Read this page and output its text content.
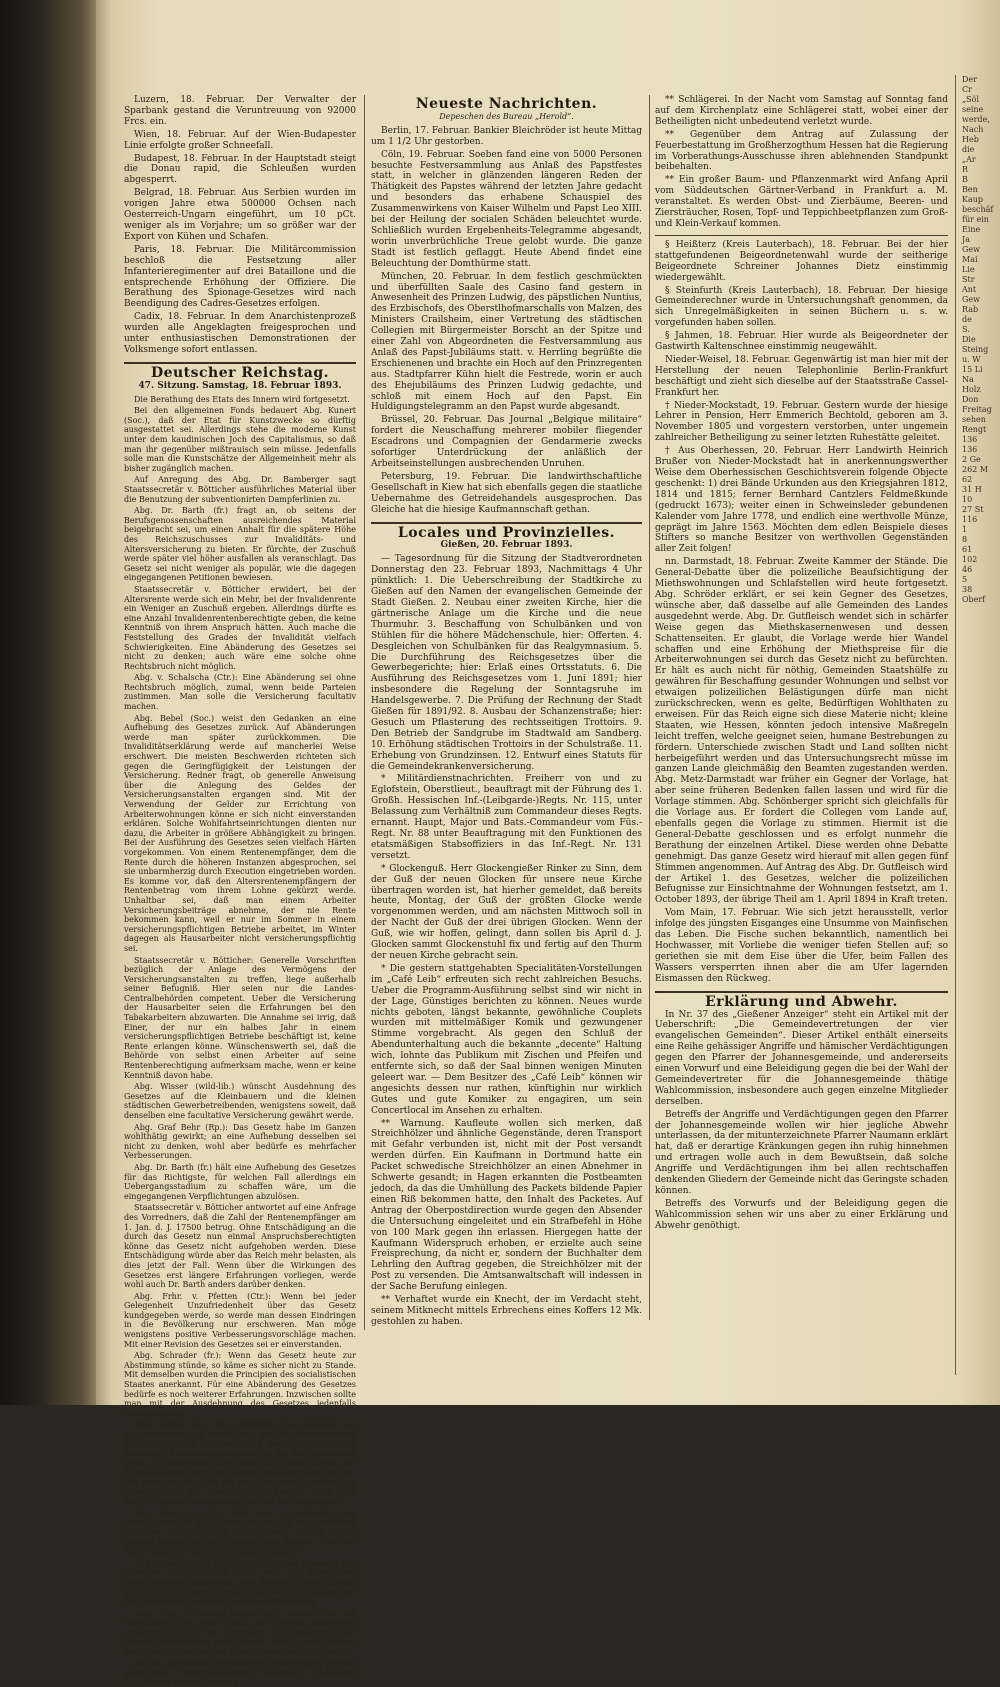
Luzern, 18. Februar. Der Verwalter der Sparbank gestand die Veruntreuung von 92000 Frcs. ein.
Wien, 18. Februar. Auf der Wien-Budapester Linie erfolgte großer Schneefall.
Budapest, 18. Februar. In der Hauptstadt steigt die Donau rapid, die Schleußen wurden abgesperrt.
Belgrad, 18. Februar. Aus Serbien wurden im vorigen Jahre etwa 500000 Ochsen nach Oesterreich-Ungarn eingeführt, um 10 pCt. weniger als im Vorjahre; um so größer war der Export von Kühen und Schafen.
Paris, 18. Februar. Die Militärcommission beschloß die Festsetzung aller Infanterieregimenter auf drei Bataillone und die entsprechende Erhöhung der Offiziere. Die Berathung des Spionage-Gesetzes wird nach Beendigung des Cadres-Gesetzes erfolgen.
Cadix, 18. Februar. In dem Anarchistenprozeß wurden alle Angeklagten freigesprochen und unter enthusiastischen Demonstrationen der Volksmenge sofort entlassen.
Deutscher Reichstag.
47. Sitzung. Samstag, 18. Februar 1893.
Die Berathung des Etats des Innern wird fortgesetzt.
Bei den allgemeinen Fonds bedauert Abg. Kunert (Soc.), daß der Etat für Kunstzwecke so dürftig ausgestattet sei. Allerdings stehe die moderne Kunst unter dem kaudinischen Joch des Capitalismus, so daß man ihr gegenüber mißtrauisch sein müsse. Jedenfalls solle man die Kunstschätze der Allgemeinheit mehr als bisher zugänglich machen.
Auf Anregung des Abg. Dr. Bamberger sagt Staatssecretär v. Bötticher ausführliches Material über die Benutzung der subventionirten Dampferlinien zu.
Abg. Dr. Barth (fr.) fragt an, ob seitens der Berufsgenossenschaften ausreichendes Material beigebracht sei, um einen Anhalt für die spätere Höhe des Reichszuschusses zur Invaliditäts- und Altersversicherung zu bieten. Er fürchte, der Zuschuß werde später viel höher ausfallen als veranschlagt. Das Gesetz sei nicht weniger als populär, wie die dagegen eingegangenen Petitionen bewiesen.
Staatssecretär v. Bötticher erwidert, bei der Altersrente werde sich ein Mehr, bei der Invalidenrente ein Weniger an Zuschuß ergeben. Allerdings dürfte es eine Anzahl Invalidenrentenberechtigte geben, die keine Kenntniß von ihrem Anspruch hätten. Auch mache die Feststellung des Grades der Invalidität vielfach Schwierigkeiten. Eine Abänderung des Gesetzes sei nicht zu denken; auch wäre eine solche ohne Rechtsbruch nicht möglich.
Abg. v. Schalscha (Ctr.): Eine Abänderung sei ohne Rechtsbruch möglich, zumal, wenn beide Parteien zustimmen. Man solle die Versicherung facultativ machen.
Abg. Bebel (Soc.) weist den Gedanken an eine Aufhebung des Gesetzes zurück. Auf Abänderungen werde man später zurückkommen. Die Invaliditätserklärung werde auf mancherlei Weise erschwert. Die meisten Beschwerden richteten sich gegen die Geringfügigkeit der Leistungen der Versicherung. Redner fragt, ob generelle Anweisung über die Anlegung des Geldes der Versicherungsanstalten ergangen sind. Mit der Verwendung der Gelder zur Errichtung von Arbeiterwohnungen könne er sich nicht einverstanden erklären. Solche Wohlfahrtseinrichtungen dienten nur dazu, die Arbeiter in größere Abhängigkeit zu bringen. Bei der Ausführung des Gesetzes seien vielfach Härten vorgekommen. Von einem Rentenempfänger, dem die Rente durch die höheren Instanzen abgesprochen, sei sie unbarmherzig durch Execution eingetrieben worden. Es komme vor, daß den Altersrentenempfängern der Rentenbetrag vom ihrem Lohne gekürzt werde. Unhaltbar sei, daß man einem Arbeiter Versicherungsbeiträge abnehme, der nie Rente bekommen kann, weil er nur im Sommer in einem versicherungspflichtigen Betriebe arbeitet, im Winter dagegen als Hausarbeiter nicht versicherungspflichtig sei.
Staatssecretär v. Bötticher: Generelle Vorschriften bezüglich der Anlage des Vermögens der Versicherungsanstalten zu treffen, liege außerhalb seiner Befugniß. Hier seien nur die Landes-Centralbehörden competent. Ueber die Versicherung der Hausarbeiter seien die Erfahrungen bei den Tabakarbeitern abzuwarten. Die Annahme sei irrig, daß Einer, der nur ein halbes Jahr in einem versicherungspflichtigen Betriebe beschäftigt ist, keine Rente erlangen könne. Wünschenswerth sei, daß die Behörde von selbst einen Arbeiter auf seine Rentenberechtigung aufmerksam mache, wenn er keine Kenntniß davon habe.
Abg. Wisser (wild-lib.) wünscht Ausdehnung des Gesetzes auf die Kleinbauern und die kleinen städtischen Gewerbetreibenden, wenigstens soweit, daß denselben eine facultative Versicherung gewährt werde.
Abg. Graf Behr (Rp.): Das Gesetz habe im Ganzen wohlthätig gewirkt; an eine Aufhebung desselben sei nicht zu denken, wohl aber bedürfe es mehrfacher Verbesserungen.
Abg. Dr. Barth (fr.) hält eine Aufhebung des Gesetzes für das Richtigste, für welchen Fall allerdings ein Uebergangsstadium zu schaffen wäre, um die eingegangenen Verpflichtungen abzulösen.
Staatssecretär v. Bötticher antwortet auf eine Anfrage des Vorredners, daß die Zahl der Rentenempfänger am 1. Jan. d. J. 17500 betrug. Ohne Entschädigung an die durch das Gesetz nun einmal Anspruchsberechtigten könne das Gesetz nicht aufgehoben werden. Diese Entschädigung würde aber das Reich mehr belasten, als dies jetzt der Fall. Wenn über die Wirkungen des Gesetzes erst längere Erfahrungen vorliegen, werde wohl auch Dr. Barth anders darüber denken.
Abg. Frhr. v. Pfetten (Ctr.): Wenn bei jeder Gelegenheit Unzufriedenheit über das Gesetz kundgegeben werde, so werde man dessen Eindringen in die Bevölkerung nur erschweren. Man möge wenigstens positive Verbesserungsvorschläge machen. Mit einer Revision des Gesetzes sei er einverstanden.
Abg. Schrader (fr.): Wenn das Gesetz heute zur Abstimmung stünde, so käme es sicher nicht zu Stande. Mit demselben wurden die Principien des socialistischen Staates anerkannt. Für eine Abänderung des Gesetzes bedürfe es noch weiterer Erfahrungen. Inzwischen sollte man mit der Ausdehnung des Gesetzes jedenfalls vorsichtig sein.
Abg. Möller (nl.): Die Aufhebung des Gesetzes sei ausgeschlossen; es könne sich nur um Abänderungen handeln. Für die nur periodisch Beschäftigten sollten besondere Bestimmungen getroffen, die Beiträge sollten auch in Norddeutschland mehr als bisher durch die Krankenkassen oder die Communen eingezogen werden. Die Hergabe von Geld der pupillarischen Sicherheit an Gesellschaften für gemeinnützige Zwecke, auch zum Bau für Arbeiterwohnungen, halte er für angebracht.
Abg. Roesicke (lib.) tritt vom Standpunkte des Arbeitgebers für das Gesetz ein, das auf das Verhältniß zwischen Arbeitern und Arbeitgebern günstig wirke; geklagt werde nur über die niedrigen Renten, aber hier würde man nie volle Befriedigung schaffen.
Abg. Bebel (Soc.): Socialistisch sei der Gedanke des Gesetzes schon deshalb nicht, weil der Arbeitgeber immer bestrebt sein werde, den Betrag für den Arbeiter auf diesen Lohn anzurechnen. Das Gesetz stehe ganz auf dem Boden der heutigen Gesellschaftsordnung.
Abg. Frhr. v. Unruhe-Bomst (Rp.) erklärt, daß die Arbeitgeber die ihnen durch das Gesetz auferlegten schweren Lasten im Interesse der Besserung der socialen Verhältnisse gern trügen. Auch in den Kreisen der Arbeiter gewinne das Gesetz immer mehr Freunde.
Die zur Berathung gestandenen Forderungen wurden genehmigt. Weiterberathung Dienstag. Außerdem egyptischer Handelsvertrag.
Neueste Nachrichten.
Depeschen des Bureau „Herold“.
Berlin, 17. Februar. Bankier Bleichröder ist heute Mittag um 1 1/2 Uhr gestorben.
Cöln, 19. Februar. Soeben fand eine von 5000 Personen besuchte Festversammlung aus Anlaß des Papstfestes statt, in welcher in glänzenden längeren Reden der Thätigkeit des Papstes während der letzten Jahre gedacht und besonders das erhabene Schauspiel des Zusammenwirkens von Kaiser Wilhelm und Papst Leo XIII. bei der Heilung der socialen Schäden beleuchtet wurde. Schließlich wurden Ergebenheits-Telegramme abgesandt, worin unverbrüchliche Treue gelobt wurde. Die ganze Stadt ist festlich geflaggt. Heute Abend findet eine Beleuchtung der Domthürme statt.
München, 20. Februar. In dem festlich geschmückten und überfüllten Saale des Casino fand gestern in Anwesenheit des Prinzen Ludwig, des päpstlichen Nuntius, des Erzbischofs, des Oberstlhofmarschalls von Malzen, des Ministers Crailsheim, einer Vertretung des städtischen Collegien mit Bürgermeister Borscht an der Spitze und einer Zahl von Abgeordneten die Festversammlung aus Anlaß des Papst-Jubiläums statt. v. Herrling begrüßte die Erschienenen und brachte ein Hoch auf den Prinzregenten aus. Stadtpfarrer Kühn hielt die Festrede, worin er auch des Ehejubiläums des Prinzen Ludwig gedachte, und schloß mit einem Hoch auf den Papst. Ein Huldigungstelegramm an den Papst wurde abgesandt.
Brüssel, 20. Februar. Das Journal „Belgique militaire“ fordert die Neuschaffung mehrerer mobiler fliegender Escadrons und Compagnien der Gendarmerie zwecks sofortiger Unterdrückung der anläßlich der Arbeitseinstellungen ausbrechenden Unruhen.
Petersburg, 19. Februar. Die landwirthschaftliche Gesellschaft in Kiew hat sich ebenfalls gegen die staatliche Uebernahme des Getreidehandels ausgesprochen. Das Gleiche hat die hiesige Kaufmannschaft gethan.
Locales und Provinzielles.
Gießen, 20. Februar 1893.
— Tagesordnung für die Sitzung der Stadtverordneten Donnerstag den 23. Februar 1893, Nachmittags 4 Uhr pünktlich: 1. Die Ueberschreibung der Stadtkirche zu Gießen auf den Namen der evangelischen Gemeinde der Stadt Gießen. 2. Neubau einer zweiten Kirche, hier die gärtnerische Anlage um die Kirche und die neue Thurmuhr. 3. Beschaffung von Schulbänken und von Stühlen für die höhere Mädchenschule, hier: Offerten. 4. Desgleichen von Schulbänken für das Realgymnasium. 5. Die Durchführung des Reichsgesetzes über die Gewerbegerichte; hier: Erlaß eines Ortsstatuts. 6. Die Ausführung des Reichsgesetzes vom 1. Juni 1891; hier insbesondere die Regelung der Sonntagsruhe im Handelsgewerbe. 7. Die Prüfung der Rechnung der Stadt Gießen für 1891/92. 8. Ausbau der Schanzenstraße; hier: Gesuch um Pflasterung des rechtsseitigen Trottoirs. 9. Den Betrieb der Sandgrube im Stadtwald am Sandberg. 10. Erhöhung städtischen Trottoirs in der Schulstraße. 11. Erhebung von Grundzinsen. 12. Entwurf eines Statuts für die Gemeindekrankenversicherung.
* Militärdienstnachrichten. Freiherr von und zu Eglofstein, Oberstlieut., beauftragt mit der Führung des 1. Großh. Hessischen Inf.-(Leibgarde-)Regts. Nr. 115, unter Belassung zum Verhältniß zum Commandeur dieses Regts. ernannt. Haupt, Major und Bats.-Commandeur vom Füs.-Regt. Nr. 88 unter Beauftragung mit den Funktionen des etatsmäßigen Stabsoffiziers in das Inf.-Regt. Nr. 131 versetzt.
* Glockenguß. Herr Glockengießer Rinker zu Sinn, dem der Guß der neuen Glocken für unsere neue Kirche übertragen worden ist, hat hierher gemeldet, daß bereits heute, Montag, der Guß der größten Glocke werde vorgenommen werden, und am nächsten Mittwoch soll in der Nacht der Guß der drei übrigen Glocken. Wenn der Guß, wie wir hoffen, gelingt, dann sollen bis April d. J. Glocken sammt Glockenstuhl fix und fertig auf den Thurm der neuen Kirche gebracht sein.
* Die gestern stattgehabten Specialitäten-Vorstellungen im „Café Leib“ erfreuten sich recht zahlreichen Besuchs. Ueber die Programm-Ausführung selbst sind wir nicht in der Lage, Günstiges berichten zu können. Neues wurde nichts geboten, längst bekannte, gewöhnliche Couplets wurden mit mittelmäßiger Komik und gezwungener Stimme vorgebracht. Als gegen den Schluß der Abendunterhaltung auch die bekannte „decente“ Haltung wich, lohnte das Publikum mit Zischen und Pfeifen und entfernte sich, so daß der Saal binnen wenigen Minuten geleert war. — Dem Besitzer des „Café Leib“ können wir angesichts dessen nur rathen, künftighin nur wirklich Gutes und gute Komiker zu engagiren, um sein Concertlocal im Ansehen zu erhalten.
** Warnung. Kaufleute wollen sich merken, daß Streichhölzer und ähnliche Gegenstände, deren Transport mit Gefahr verbunden ist, nicht mit der Post versandt werden dürfen. Ein Kaufmann in Dortmund hatte ein Packet schwedische Streichhölzer an einen Abnehmer in Schwerte gesandt; in Hagen erkannten die Postbeamten jedoch, da das die Umhüllung des Packets bildende Papier einen Riß bekommen hatte, den Inhalt des Packetes. Auf Antrag der Oberpostdirection wurde gegen den Absender die Untersuchung eingeleitet und ein Strafbefehl in Höhe von 100 Mark gegen ihn erlassen. Hiergegen hatte der Kaufmann Widerspruch erhoben, er erzielte auch seine Freisprechung, da nicht er, sondern der Buchhalter dem Lehrling den Auftrag gegeben, die Streichhölzer mit der Post zu versenden. Die Amtsanwaltschaft will indessen in der Sache Berufung einlegen.
** Verhaftet wurde ein Knecht, der im Verdacht steht, seinem Mitknecht mittels Erbrechens eines Koffers 12 Mk. gestohlen zu haben.
** Schlägerei. In der Nacht vom Samstag auf Sonntag fand auf dem Kirchenplatz eine Schlägerei statt, wobei einer der Betheiligten nicht unbedeutend verletzt wurde.
** Gegenüber dem Antrag auf Zulassung der Feuerbestattung im Großherzogthum Hessen hat die Regierung im Vorberathungs-Ausschusse ihren ablehnenden Standpunkt beibehalten.
** Ein großer Baum- und Pflanzenmarkt wird Anfang April vom Süddeutschen Gärtner-Verband in Frankfurt a. M. veranstaltet. Es werden Obst- und Zierbäume, Beeren- und Ziersträucher, Rosen, Topf- und Teppichbeetpflanzen zum Groß- und Klein-Verkauf kommen.
§ Heißterz (Kreis Lauterbach), 18. Februar. Bei der hier stattgefundenen Beigeordnetenwahl wurde der seitherige Beigeordnete Schreiner Johannes Dietz einstimmig wiedergewählt.
§ Steinfurth (Kreis Lauterbach), 18. Februar. Der hiesige Gemeinderechner wurde in Untersuchungshaft genommen, da sich Unregelmäßigkeiten in seinen Büchern u. s. w. vorgefunden haben sollen.
§ Jahmen, 18. Februar. Hier wurde als Beigeordneter der Gastwirth Kaltenschnee einstimmig neugewählt.
Nieder-Weisel, 18. Februar. Gegenwärtig ist man hier mit der Herstellung der neuen Telephonlinie Berlin-Frankfurt beschäftigt und zieht sich dieselbe auf der Staatsstraße Cassel-Frankfurt her.
† Nieder-Mockstadt, 19. Februar. Gestern wurde der hiesige Lehrer in Pension, Herr Emmerich Bechtold, geboren am 3. November 1805 und vorgestern verstorben, unter ungemein zahlreicher Betheiligung zu seiner letzten Ruhestätte geleitet.
† Aus Oberhessen, 20. Februar. Herr Landwirth Heinrich Brußer von Nieder-Mockstadt hat in anerkennungswerther Weise dem Oberhessischen Geschichtsverein folgende Objecte geschenkt: 1) drei Bände Urkunden aus den Kriegsjahren 1812, 1814 und 1815; ferner Bernhard Cantzlers Feldmeßkunde (gedruckt 1673); weiter einen in Schweinsleder gebundenen Kalender vom Jahre 1778, und endlich eine werthvolle Münze, geprägt im Jahre 1563. Möchten dem edlen Beispiele dieses Stifters so manche Besitzer von werthvollen Gegenständen aller Zeit folgen!
nn. Darmstadt, 18. Februar. Zweite Kammer der Stände. Die General-Debatte über die polizeiliche Beaufsichtigung der Miethswohnungen und Schlafstellen wird heute fortgesetzt. Abg. Schröder erklärt, er sei kein Gegner des Gesetzes, wünsche aber, daß dasselbe auf alle Gemeinden des Landes ausgedehnt werde. Abg. Dr. Gutfleisch wendet sich in schärfer Weise gegen das Miethskasernenwesen und dessen Schattenseiten. Er glaubt, die Vorlage werde hier Wandel schaffen und eine Erhöhung der Miethspreise für die Arbeiterwohnungen sei durch das Gesetz nicht zu befürchten. Er hält es auch nicht für nöthig, Gemeinden Staatshülfe zu gewähren für Beschaffung gesunder Wohnungen und selbst vor etwaigen polizeilichen Belästigungen dürfe man nicht zurückschrecken, wenn es gelte, Bedürftigen Wohlthaten zu erweisen. Für das Reich eigne sich diese Materie nicht; kleine Staaten, wie Hessen, könnten jedoch intensive Maßregeln leicht treffen, welche geeignet seien, humane Bestrebungen zu fördern. Unterschiede zwischen Stadt und Land sollten nicht herbeigeführt werden und das Untersuchungsrecht müsse im ganzen Lande gleichmäßig den Beamten zugestanden werden. Abg. Metz-Darmstadt war früher ein Gegner der Vorlage, hat aber seine früheren Bedenken fallen lassen und wird für die Vorlage stimmen. Abg. Schönberger spricht sich gleichfalls für die Vorlage aus. Er fordert die Collegen vom Lande auf, ebenfalls gegen die Vorlage zu stimmen. Hiermit ist die General-Debatte geschlossen und es erfolgt nunmehr die Berathung der einzelnen Artikel. Diese werden ohne Debatte genehmigt. Das ganze Gesetz wird hierauf mit allen gegen fünf Stimmen angenommen. Auf Antrag des Abg. Dr. Gutfleisch wird der Artikel 1. des Gesetzes, welcher die polizeilichen Befugnisse zur Einsichtnahme der Wohnungen festsetzt, am 1. October 1893, der übrige Theil am 1. April 1894 in Kraft treten.
Vom Main, 17. Februar. Wie sich jetzt herausstellt, verlor infolge des jüngsten Eisganges eine Unsumme von Mainfischen das Leben. Die Fische suchen bekanntlich, namentlich bei Hochwasser, mit Vorliebe die weniger tiefen Stellen auf; so geriethen sie mit dem Eise über die Ufer, beim Fallen des Wassers versperrten ihnen aber die am Ufer lagernden Eismassen den Rückweg.
Erklärung und Abwehr.
In Nr. 37 des „Gießener Anzeiger“ steht ein Artikel mit der Ueberschrift: „Die Gemeindevertretungen der vier evangelischen Gemeinden“. Dieser Artikel enthält einerseits eine Reihe gehässiger Angriffe und hämischer Verdächtigungen gegen den Pfarrer der Johannesgemeinde, und andererseits einen Vorwurf und eine Beleidigung gegen die bei der Wahl der Gemeindevertreter für die Johannesgemeinde thätige Wahlcommission, insbesondere auch gegen einzelne Mitglieder derselben.
Betreffs der Angriffe und Verdächtigungen gegen den Pfarrer der Johannesgemeinde wollen wir hier jegliche Abwehr unterlassen, da der mitunterzeichnete Pfarrer Naumann erklärt hat, daß er derartige Kränkungen gegen ihn ruhig hinnehmen und ertragen wolle auch in dem Bewußtsein, daß solche Angriffe und Verdächtigungen ihm bei allen rechtschaffen denkenden Gliedern der Gemeinde nicht das Geringste schaden können.
Betreffs des Vorwurfs und der Beleidigung gegen die Wahlcommission sehen wir uns aber zu einer Erklärung und Abwehr genöthigt.
Der
Cr
„Söl
seine
werde,
Nach
Heb
die
„Ar
R
B
Ben
Kaup
beschäf
für ein
Eine
Ja
Gew
Mai
Lie
Str
Ant
Gew
Rab
de
S.
Die
Steing
u. W
15 Li
Na
Holz
Don
Freitag
sehen
Rengt
136
136
2 Ge
262 M
62
31 H
10
27 St
116
1
8
61
102
46
5
38
Oberf
